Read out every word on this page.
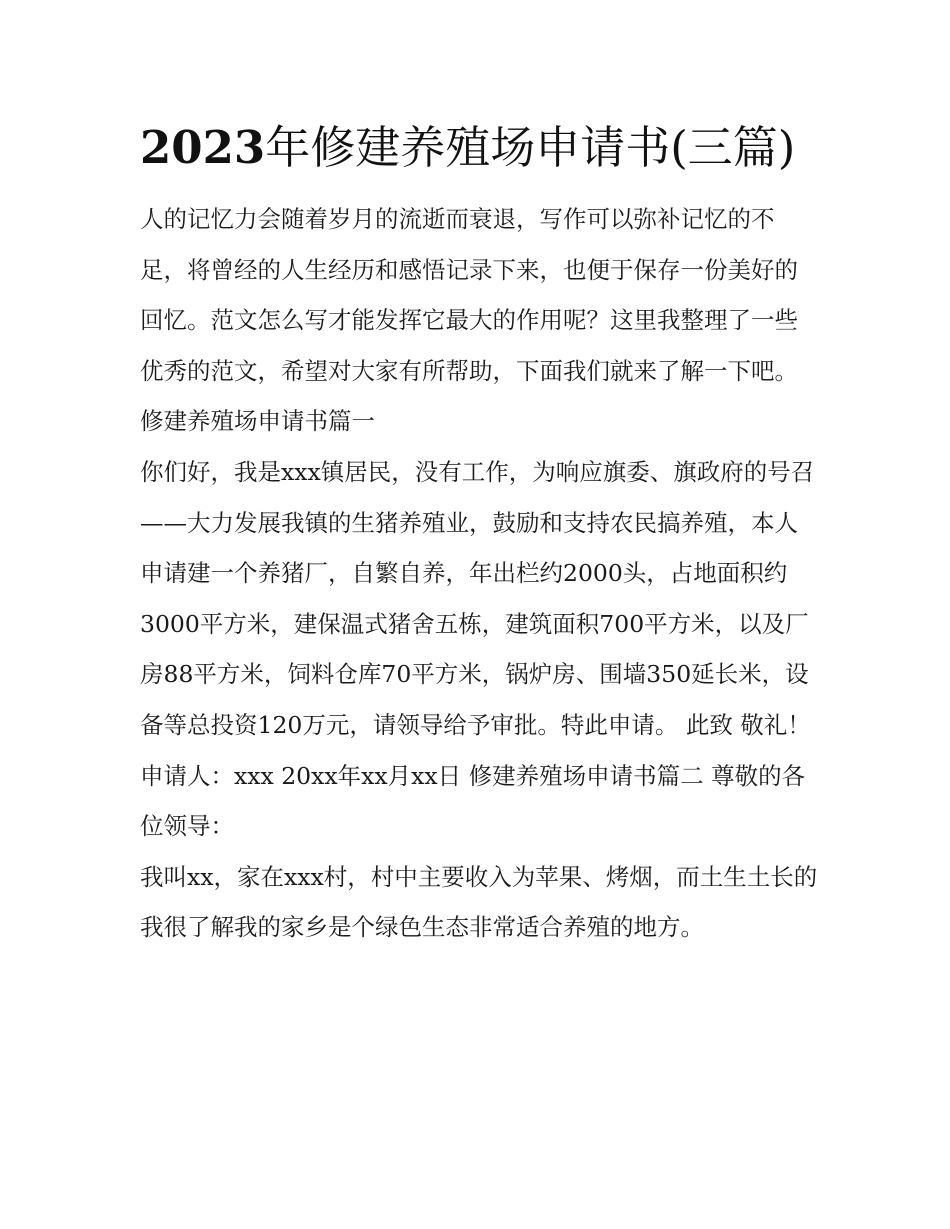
2023年修建养殖场申请书(三篇)

人的记忆力会随着岁月的流逝而衰退，写作可以弥补记忆的不足，将曾经的人生经历和感悟记录下来，也便于保存一份美好的回忆。范文怎么写才能发挥它最大的作用呢？这里我整理了一些优秀的范文，希望对大家有所帮助，下面我们就来了解一下吧。

修建养殖场申请书篇一

你们好，我是xxx镇居民，没有工作，为响应旗委、旗政府的号召——大力发展我镇的生猪养殖业，鼓励和支持农民搞养殖，本人申请建一个养猪厂，自繁自养，年出栏约2000头，占地面积约3000平方米，建保温式猪舍五栋，建筑面积700平方米，以及厂房88平方米，饲料仓库70平方米，锅炉房、围墙350延长米，设备等总投资120万元，请领导给予审批。特此申请。 此致 敬礼！ 申请人：xxx 20xx年xx月xx日 修建养殖场申请书篇二 尊敬的各位领导：

我叫xx，家在xxx村，村中主要收入为苹果、烤烟，而土生土长的我很了解我的家乡是个绿色生态非常适合养殖的地方。
